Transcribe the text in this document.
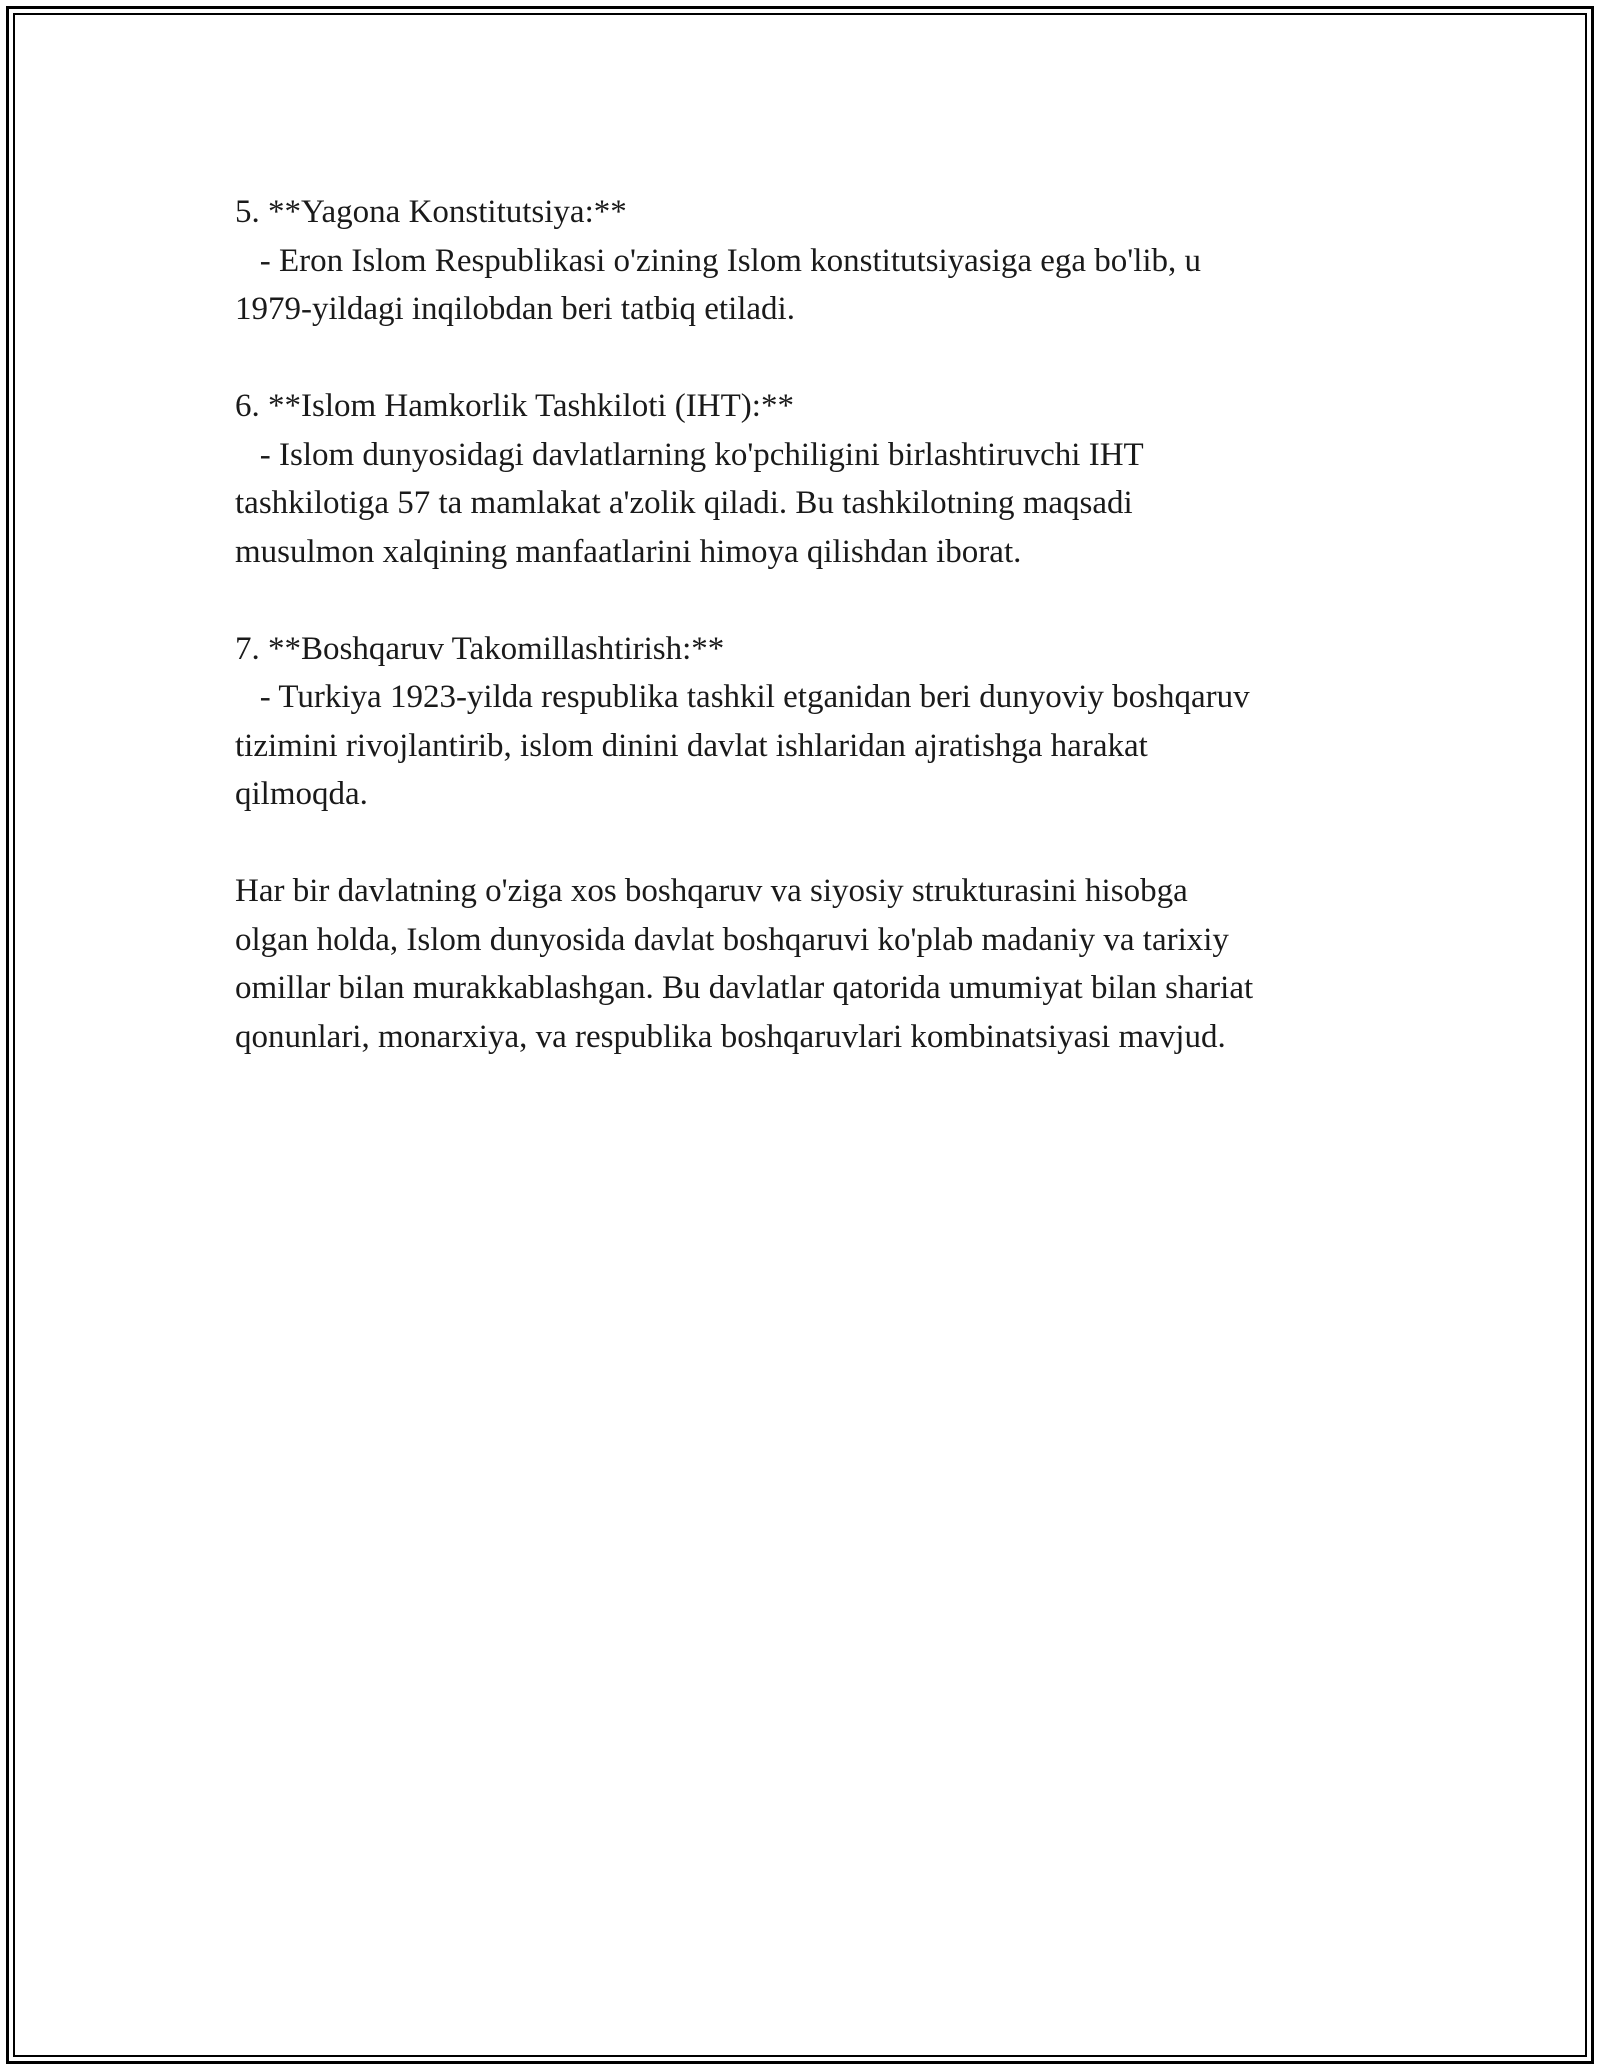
5. **Yagona Konstitutsiya:**
- Eron Islom Respublikasi o'zining Islom konstitutsiyasiga ega bo'lib, u
1979-yildagi inqilobdan beri tatbiq etiladi.
6. **Islom Hamkorlik Tashkiloti (IHT):**
- Islom dunyosidagi davlatlarning ko'pchiligini birlashtiruvchi IHT
tashkilotiga 57 ta mamlakat a'zolik qiladi. Bu tashkilotning maqsadi
musulmon xalqining manfaatlarini himoya qilishdan iborat.
7. **Boshqaruv Takomillashtirish:**
- Turkiya 1923-yilda respublika tashkil etganidan beri dunyoviy boshqaruv
tizimini rivojlantirib, islom dinini davlat ishlaridan ajratishga harakat
qilmoqda.
Har bir davlatning o'ziga xos boshqaruv va siyosiy strukturasini hisobga
olgan holda, Islom dunyosida davlat boshqaruvi ko'plab madaniy va tarixiy
omillar bilan murakkablashgan. Bu davlatlar qatorida umumiyat bilan shariat
qonunlari, monarxiya, va respublika boshqaruvlari kombinatsiyasi mavjud.
